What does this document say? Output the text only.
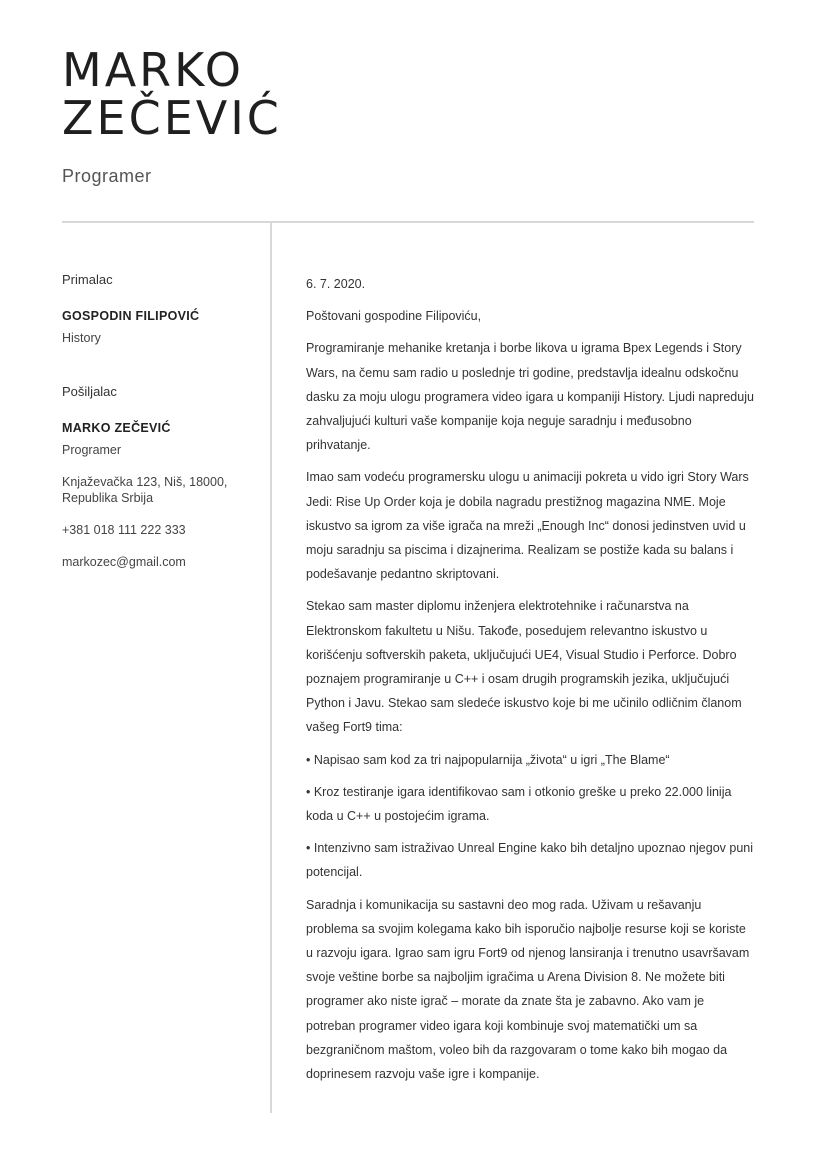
MARKO
ZEČEVIĆ
Programer
Primalac
GOSPODIN FILIPOVIĆ
History
Pošiljalac
MARKO ZEČEVIĆ
Programer
Knjaževačka 123, Niš, 18000,
Republika Srbija
+381 018 111 222 333
markozec@gmail.com

6. 7. 2020.

Poštovani gospodine Filipoviću,

Programiranje mehanike kretanja i borbe likova u igrama Bpex Legends i Story Wars, na čemu sam radio u poslednje tri godine, predstavlja idealnu odskočnu dasku za moju ulogu programera video igara u kompaniji History. Ljudi napreduju zahvaljujući kulturi vaše kompanije koja neguje saradnju i međusobno prihvatanje.

Imao sam vodeću programersku ulogu u animaciji pokreta u vido igri Story Wars Jedi: Rise Up Order koja je dobila nagradu prestižnog magazina NME. Moje iskustvo sa igrom za više igrača na mreži „Enough Inc“ donosi jedinstven uvid u moju saradnju sa piscima i dizajnerima. Realizam se postiže kada su balans i podešavanje pedantno skriptovani.

Stekao sam master diplomu inženjera elektrotehnike i računarstva na Elektronskom fakultetu u Nišu. Takođe, posedujem relevantno iskustvo u korišćenju softverskih paketa, uključujući UE4, Visual Studio i Perforce. Dobro poznajem programiranje u C++ i osam drugih programskih jezika, uključujući Python i Javu. Stekao sam sledeće iskustvo koje bi me učinilo odličnim članom vašeg Fort9 tima:

• Napisao sam kod za tri najpopularnija „života“ u igri „The Blame“

• Kroz testiranje igara identifikovao sam i otkonio greške u preko 22.000 linija koda u C++ u postojećim igrama.

• Intenzivno sam istraživao Unreal Engine kako bih detaljno upoznao njegov puni potencijal.

Saradnja i komunikacija su sastavni deo mog rada. Uživam u rešavanju problema sa svojim kolegama kako bih isporučio najbolje resurse koji se koriste u razvoju igara. Igrao sam igru Fort9 od njenog lansiranja i trenutno usavršavam svoje veštine borbe sa najboljim igračima u Arena Division 8. Ne možete biti programer ako niste igrač – morate da znate šta je zabavno. Ako vam je potreban programer video igara koji kombinuje svoj matematički um sa bezgraničnom maštom, voleo bih da razgovaram o tome kako bih mogao da doprinesem razvoju vaše igre i kompanije.
